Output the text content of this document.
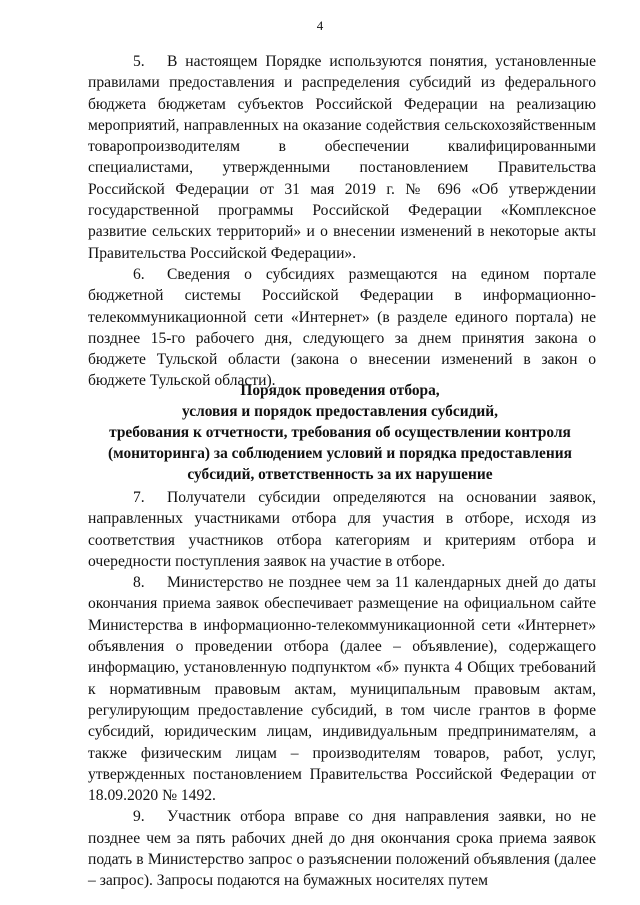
4

5. В настоящем Порядке используются понятия, установленные правилами предоставления и распределения субсидий из федерального бюджета бюджетам субъектов Российской Федерации на реализацию мероприятий, направленных на оказание содействия сельскохозяйственным товаропроизводителям в обеспечении квалифицированными специалистами, утвержденными постановлением Правительства Российской Федерации от 31 мая 2019 г. № 696 «Об утверждении государственной программы Российской Федерации «Комплексное развитие сельских территорий» и о внесении изменений в некоторые акты Правительства Российской Федерации».

6. Сведения о субсидиях размещаются на едином портале бюджетной системы Российской Федерации в информационно-телекоммуникационной сети «Интернет» (в разделе единого портала) не позднее 15-го рабочего дня, следующего за днем принятия закона о бюджете Тульской области (закона о внесении изменений в закон о бюджете Тульской области).

Порядок проведения отбора,
условия и порядок предоставления субсидий,
требования к отчетности, требования об осуществлении контроля
(мониторинга) за соблюдением условий и порядка предоставления
субсидий, ответственность за их нарушение

7. Получатели субсидии определяются на основании заявок, направленных участниками отбора для участия в отборе, исходя из соответствия участников отбора категориям и критериям отбора и очередности поступления заявок на участие в отборе.

8. Министерство не позднее чем за 11 календарных дней до даты окончания приема заявок обеспечивает размещение на официальном сайте Министерства в информационно-телекоммуникационной сети «Интернет» объявления о проведении отбора (далее – объявление), содержащего информацию, установленную подпунктом «б» пункта 4 Общих требований к нормативным правовым актам, муниципальным правовым актам, регулирующим предоставление субсидий, в том числе грантов в форме субсидий, юридическим лицам, индивидуальным предпринимателям, а также физическим лицам – производителям товаров, работ, услуг, утвержденных постановлением Правительства Российской Федерации от 18.09.2020 № 1492.

9. Участник отбора вправе со дня направления заявки, но не позднее чем за пять рабочих дней до дня окончания срока приема заявок подать в Министерство запрос о разъяснении положений объявления (далее – запрос). Запросы подаются на бумажных носителях путем
